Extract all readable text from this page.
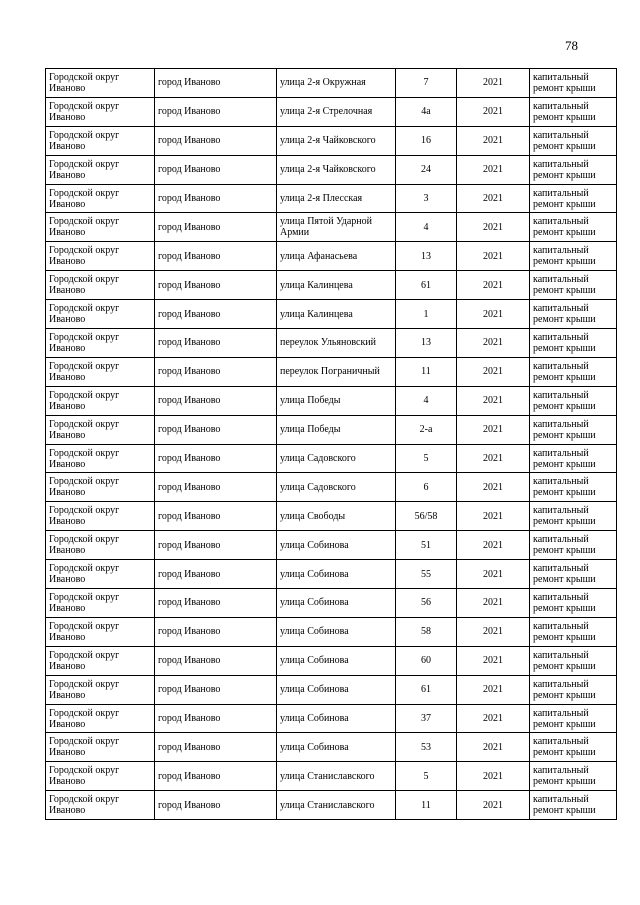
78
Городской округ Иваново	город Иваново	улица 2-я Окружная	7	2021	капитальный ремонт крыши
Городской округ Иваново	город Иваново	улица 2-я Стрелочная	4а	2021	капитальный ремонт крыши
Городской округ Иваново	город Иваново	улица 2-я Чайковского	16	2021	капитальный ремонт крыши
Городской округ Иваново	город Иваново	улица 2-я Чайковского	24	2021	капитальный ремонт крыши
Городской округ Иваново	город Иваново	улица 2-я Плесская	3	2021	капитальный ремонт крыши
Городской округ Иваново	город Иваново	улица Пятой Ударной Армии	4	2021	капитальный ремонт крыши
Городской округ Иваново	город Иваново	улица Афанасьева	13	2021	капитальный ремонт крыши
Городской округ Иваново	город Иваново	улица Калинцева	61	2021	капитальный ремонт крыши
Городской округ Иваново	город Иваново	улица Калинцева	1	2021	капитальный ремонт крыши
Городской округ Иваново	город Иваново	переулок Ульяновский	13	2021	капитальный ремонт крыши
Городской округ Иваново	город Иваново	переулок Пограничный	11	2021	капитальный ремонт крыши
Городской округ Иваново	город Иваново	улица Победы	4	2021	капитальный ремонт крыши
Городской округ Иваново	город Иваново	улица Победы	2-а	2021	капитальный ремонт крыши
Городской округ Иваново	город Иваново	улица Садовского	5	2021	капитальный ремонт крыши
Городской округ Иваново	город Иваново	улица Садовского	6	2021	капитальный ремонт крыши
Городской округ Иваново	город Иваново	улица Свободы	56/58	2021	капитальный ремонт крыши
Городской округ Иваново	город Иваново	улица Собинова	51	2021	капитальный ремонт крыши
Городской округ Иваново	город Иваново	улица Собинова	55	2021	капитальный ремонт крыши
Городской округ Иваново	город Иваново	улица Собинова	56	2021	капитальный ремонт крыши
Городской округ Иваново	город Иваново	улица Собинова	58	2021	капитальный ремонт крыши
Городской округ Иваново	город Иваново	улица Собинова	60	2021	капитальный ремонт крыши
Городской округ Иваново	город Иваново	улица Собинова	61	2021	капитальный ремонт крыши
Городской округ Иваново	город Иваново	улица Собинова	37	2021	капитальный ремонт крыши
Городской округ Иваново	город Иваново	улица Собинова	53	2021	капитальный ремонт крыши
Городской округ Иваново	город Иваново	улица Станиславского	5	2021	капитальный ремонт крыши
Городской округ Иваново	город Иваново	улица Станиславского	11	2021	капитальный ремонт крыши
